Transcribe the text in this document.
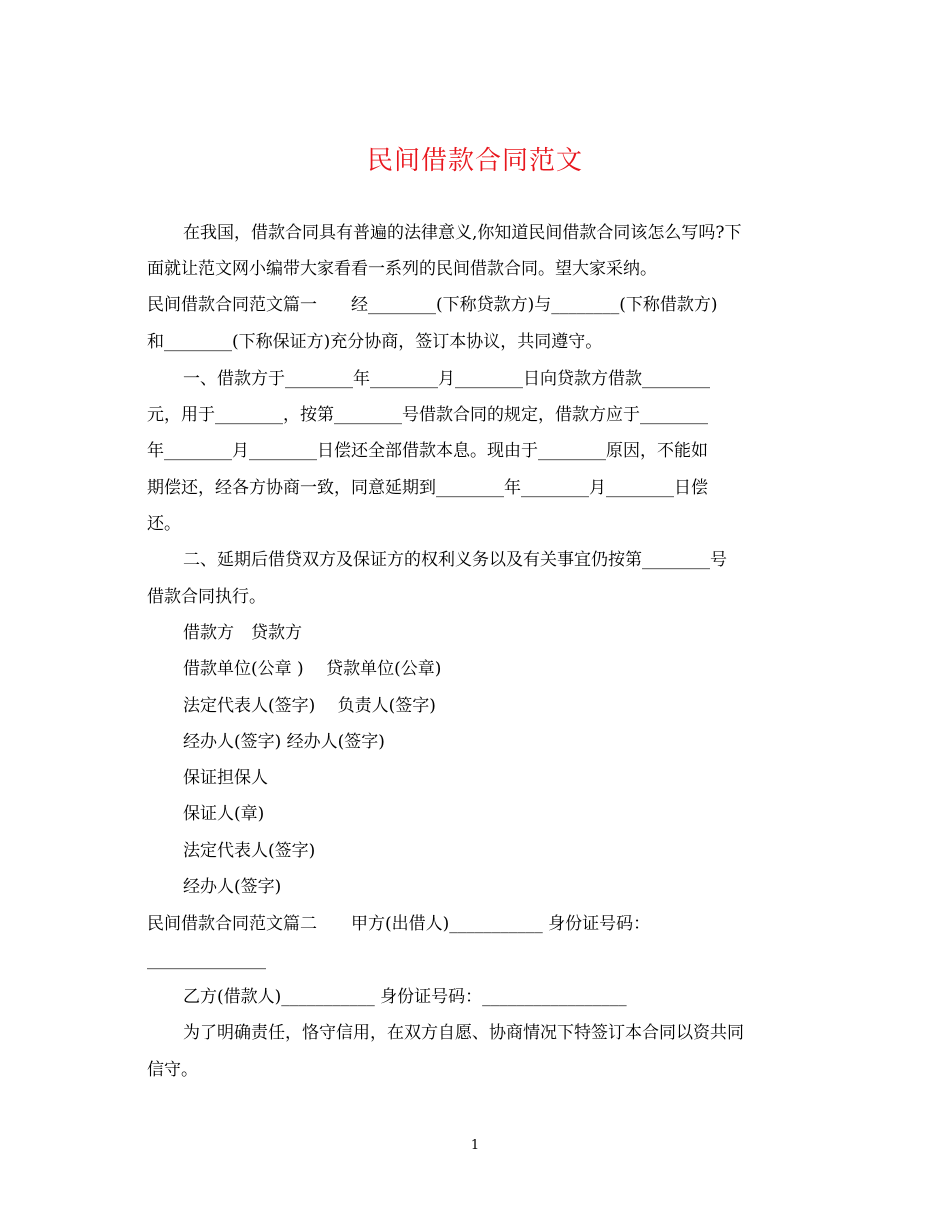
民间借款合同范文
在我国，借款合同具有普遍的法律意义,你知道民间借款合同该怎么写吗?下
面就让范文网小编带大家看看一系列的民间借款合同。望大家采纳。
民间借款合同范文篇一　　经________(下称贷款方)与________(下称借款方)
和________(下称保证方)充分协商，签订本协议，共同遵守。
一、借款方于________年________月________日向贷款方借款________
元，用于________，按第________号借款合同的规定，借款方应于________
年________月________日偿还全部借款本息。现由于________原因，不能如
期偿还，经各方协商一致，同意延期到________年________月________日偿
还。
二、延期后借贷双方及保证方的权利义务以及有关事宜仍按第________号
借款合同执行。
借款方　贷款方
借款单位(公章 )　 贷款单位(公章)
法定代表人(签字)　 负责人(签字)
经办人(签字) 经办人(签字)
保证担保人
保证人(章)
法定代表人(签字)
经办人(签字)
民间借款合同范文篇二　　甲方(出借人)___________ 身份证号码：
______________
乙方(借款人)___________ 身份证号码：_________________
为了明确责任，恪守信用，在双方自愿、协商情况下特签订本合同以资共同
信守。
1
